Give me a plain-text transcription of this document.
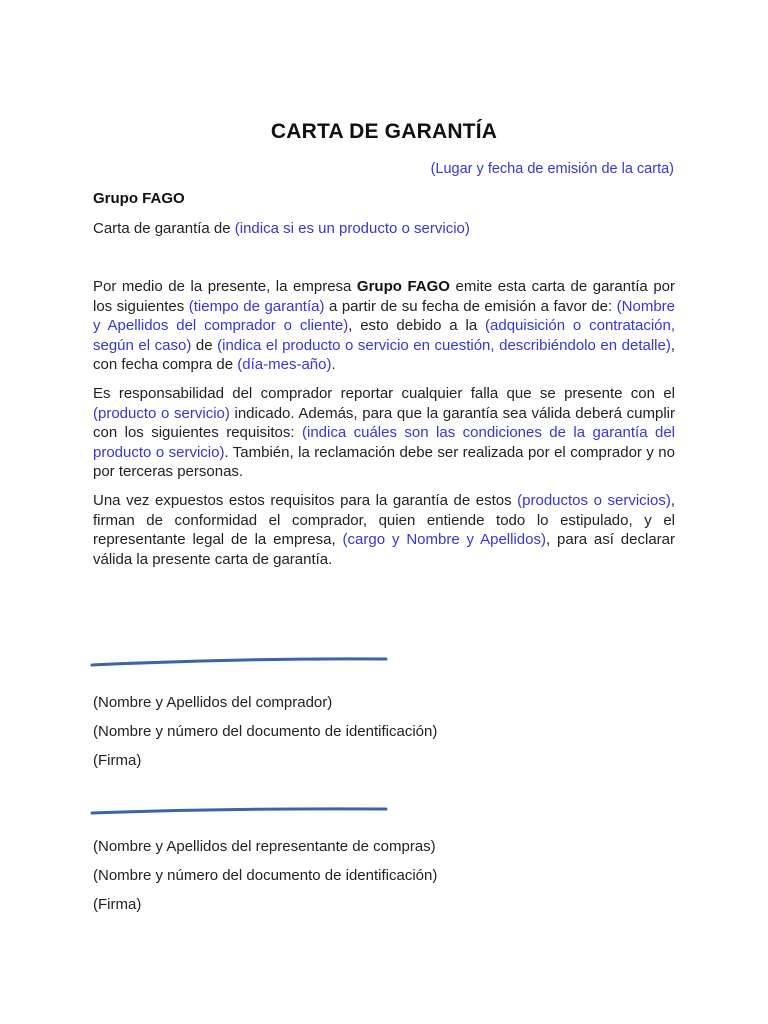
CARTA DE GARANTÍA
(Lugar y fecha de emisión de la carta)
Grupo FAGO
Carta de garantía de (indica si es un producto o servicio)

Por medio de la presente, la empresa Grupo FAGO emite esta carta de garantía por los siguientes (tiempo de garantía) a partir de su fecha de emisión a favor de: (Nombre y Apellidos del comprador o cliente), esto debido a la (adquisición o contratación, según el caso) de (indica el producto o servicio en cuestión, describiéndolo en detalle), con fecha compra de (día-mes-año).

Es responsabilidad del comprador reportar cualquier falla que se presente con el (producto o servicio) indicado. Además, para que la garantía sea válida deberá cumplir con los siguientes requisitos: (indica cuáles son las condiciones de la garantía del producto o servicio). También, la reclamación debe ser realizada por el comprador y no por terceras personas.

Una vez expuestos estos requisitos para la garantía de estos (productos o servicios), firman de conformidad el comprador, quien entiende todo lo estipulado, y el representante legal de la empresa, (cargo y Nombre y Apellidos), para así declarar válida la presente carta de garantía.

(Nombre y Apellidos del comprador)
(Nombre y número del documento de identificación)
(Firma)
(Nombre y Apellidos del representante de compras)
(Nombre y número del documento de identificación)
(Firma)
